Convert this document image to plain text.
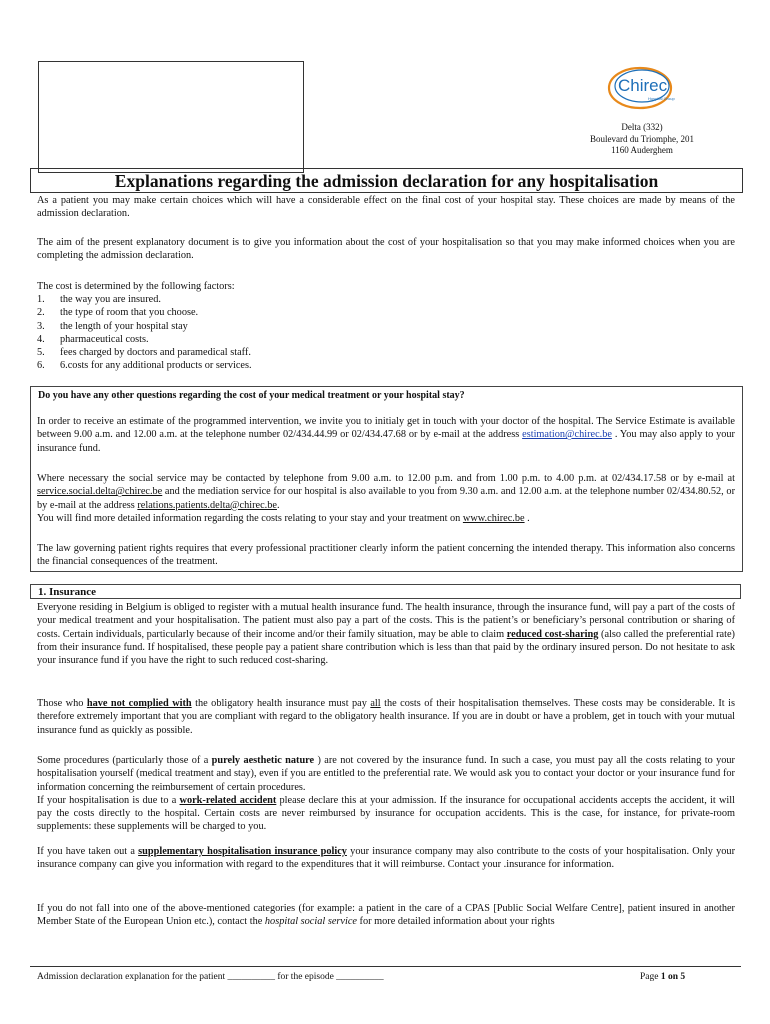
Chirec
Hospital Group
Delta (332)
Boulevard du Triomphe, 201
1160 Auderghem
Explanations regarding the admission declaration for any hospitalisation

As a patient you may make certain choices which will have a considerable effect on the final cost of your hospital stay. These choices are made by means of the admission declaration.

The aim of the present explanatory document is to give you information about the cost of your hospitalisation so that you may make informed choices when you are completing the admission declaration.

The cost is determined by the following factors:

1.	the way you are insured.
2.	the type of room that you choose.
3.	the length of your hospital stay
4.	pharmaceutical costs.
5.	fees charged by doctors and paramedical staff.
6.	6.costs for any additional products or services.
Do you have any other questions regarding the cost of your medical treatment or your hospital stay?

In order to receive an estimate of the programmed intervention, we invite you to initialy get in touch with your doctor of the hospital. The Service Estimate is available between 9.00 a.m. and 12.00 a.m. at the telephone number 02/434.44.99 or 02/434.47.68 or by e-mail at the address estimation@chirec.be . You may also apply to your insurance fund.

Where necessary the social service may be contacted by telephone from 9.00 a.m. to 12.00 p.m. and from 1.00 p.m. to 4.00 p.m. at 02/434.17.58 or by e-mail at service.social.delta@chirec.be and the mediation service for our hospital is also available to you from 9.30 a.m. and 12.00 a.m. at the telephone number 02/434.80.52, or by e-mail at the address relations.patients.delta@chirec.be.

You will find more detailed information regarding the costs relating to your stay and your treatment on www.chirec.be .

The law governing patient rights requires that every professional practitioner clearly inform the patient concerning the intended therapy. This information also concerns the financial consequences of the treatment.

1. Insurance

Everyone residing in Belgium is obliged to register with a mutual health insurance fund. The health insurance, through the insurance fund, will pay a part of the costs of your medical treatment and your hospitalisation. The patient must also pay a part of the costs. This is the patient’s or beneficiary’s personal contribution or sharing of costs. Certain individuals, particularly because of their income and/or their family situation, may be able to claim reduced cost-sharing (also called the preferential rate) from their insurance fund. If hospitalised, these people pay a patient share contribution which is less than that paid by the ordinary insured person. Do not hesitate to ask your insurance fund if you have the right to such reduced cost-sharing.

Those who have not complied with the obligatory health insurance must pay all the costs of their hospitalisation themselves. These costs may be considerable. It is therefore extremely important that you are compliant with regard to the obligatory health insurance. If you are in doubt or have a problem, get in touch with your mutual insurance fund as quickly as possible.

Some procedures (particularly those of a purely aesthetic nature ) are not covered by the insurance fund. In such a case, you must pay all the costs relating to your hospitalisation yourself (medical treatment and stay), even if you are entitled to the preferential rate. We would ask you to contact your doctor or your insurance fund for information concerning the reimbursement of certain procedures.

If your hospitalisation is due to a work-related accident please declare this at your admission. If the insurance for occupational accidents accepts the accident, it will pay the costs directly to the hospital. Certain costs are never reimbursed by insurance for occupation accidents. This is the case, for instance, for private-room supplements: these supplements will be charged to you.

If you have taken out a supplementary hospitalisation insurance policy your insurance company may also contribute to the costs of your hospitalisation. Only your insurance company can give you information with regard to the expenditures that it will reimburse. Contact your .insurance for information.

If you do not fall into one of the above-mentioned categories (for example: a patient in the care of a CPAS [Public Social Welfare Centre], patient insured in another Member State of the European Union etc.), contact the hospital social service for more detailed information about your rights

Admission declaration explanation for the patient __________ for the episode __________	Page 1 on 5
